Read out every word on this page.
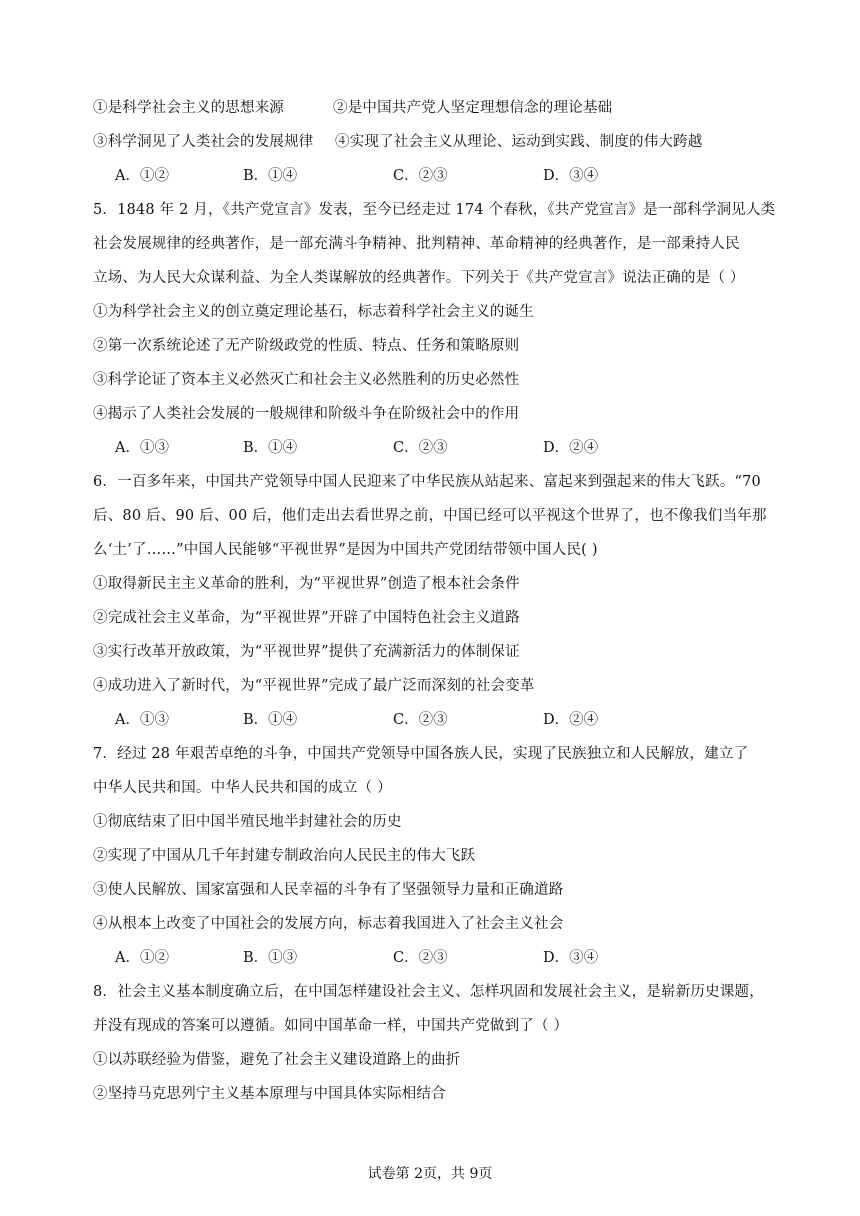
①是科学社会主义的思想来源	②是中国共产党人坚定理想信念的理论基础
③科学洞见了人类社会的发展规律 ④实现了社会主义从理论、运动到实践、制度的伟大跨越
A．①②	B．①④	C．②③	D．③④
5．1848 年 2 月，《共产党宣言》发表，至今已经走过 174 个春秋，《共产党宣言》是一部科学洞见人类
社会发展规律的经典著作，是一部充满斗争精神、批判精神、革命精神的经典著作，是一部秉持人民
立场、为人民大众谋利益、为全人类谋解放的经典著作。下列关于《共产党宣言》说法正确的是（ ）
①为科学社会主义的创立奠定理论基石，标志着科学社会主义的诞生
②第一次系统论述了无产阶级政党的性质、特点、任务和策略原则
③科学论证了资本主义必然灭亡和社会主义必然胜利的历史必然性
④揭示了人类社会发展的一般规律和阶级斗争在阶级社会中的作用
A．①③	B．①④	C．②③	D．②④
6．一百多年来，中国共产党领导中国人民迎来了中华民族从站起来、富起来到强起来的伟大飞跃。“70
后、80 后、90 后、00 后，他们走出去看世界之前，中国已经可以平视这个世界了，也不像我们当年那
么‘土’了……”中国人民能够“平视世界”是因为中国共产党团结带领中国人民( )
①取得新民主主义革命的胜利，为“平视世界”创造了根本社会条件
②完成社会主义革命，为“平视世界”开辟了中国特色社会主义道路
③实行改革开放政策，为“平视世界”提供了充满新活力的体制保证
④成功进入了新时代，为“平视世界”完成了最广泛而深刻的社会变革
A．①③	B．①④	C．②③	D．②④
7．经过 28 年艰苦卓绝的斗争，中国共产党领导中国各族人民，实现了民族独立和人民解放，建立了
中华人民共和国。中华人民共和国的成立（ ）
①彻底结束了旧中国半殖民地半封建社会的历史
②实现了中国从几千年封建专制政治向人民民主的伟大飞跃
③使人民解放、国家富强和人民幸福的斗争有了坚强领导力量和正确道路
④从根本上改变了中国社会的发展方向，标志着我国进入了社会主义社会
A．①②	B．①③	C．②③	D．③④
8．社会主义基本制度确立后，在中国怎样建设社会主义、怎样巩固和发展社会主义，是崭新历史课题，
并没有现成的答案可以遵循。如同中国革命一样，中国共产党做到了（ ）
①以苏联经验为借鉴，避免了社会主义建设道路上的曲折
②坚持马克思列宁主义基本原理与中国具体实际相结合
试卷第 2页，共 9页
